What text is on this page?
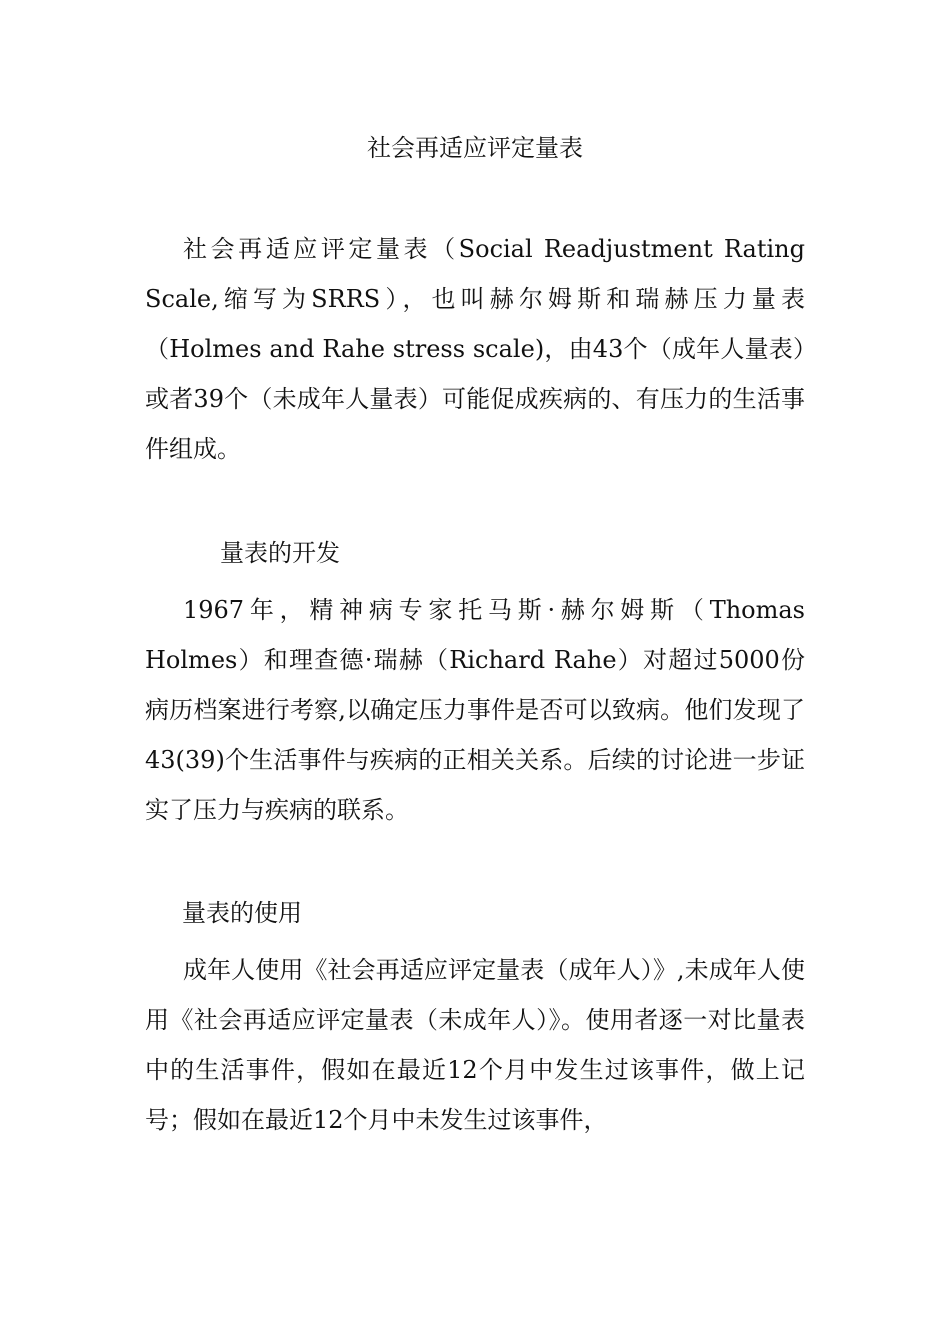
社会再适应评定量表

社会再适应评定量表（Social Readjustment Rating Scale,缩写为SRRS），也叫赫尔姆斯和瑞赫压力量表（Holmes and Rahe stress scale)，由43个（成年人量表）或者39个（未成年人量表）可能促成疾病的、有压力的生活事件组成。

量表的开发

1967年，精神病专家托马斯·赫尔姆斯（Thomas Holmes）和理查德·瑞赫（Richard Rahe）对超过5000份病历档案进行考察,以确定压力事件是否可以致病。他们发现了43(39)个生活事件与疾病的正相关关系。后续的讨论进一步证实了压力与疾病的联系。

量表的使用

成年人使用《社会再适应评定量表（成年人）》,未成年人使用《社会再适应评定量表（未成年人）》。使用者逐一对比量表中的生活事件，假如在最近12个月中发生过该事件，做上记号；假如在最近12个月中未发生过该事件，
